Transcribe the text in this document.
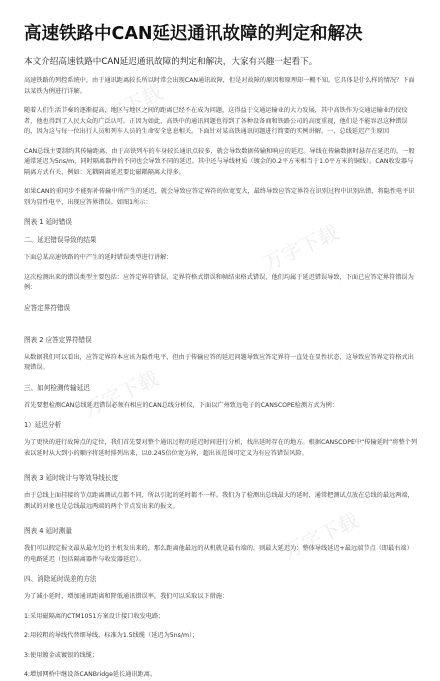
高速铁路中CAN延迟通讯故障的判定和解决
本文介绍高速铁路中CAN延迟通讯故障的判定和解决，大家有兴趣一起看下。
高速铁路的列控系统中，由于通讯距离较长所以时常会出现CAN通讯故障，但是对故障的原因和原理却一概不知。它具体是什么样的情况？下面以某铁为例进行详解。
随着人们生活节奏的逐渐提高，地区与地区之间的距离已经不在成为问题，这得益于交通运输业的大力发展，其中高铁作为交通运输业的佼佼者，他也得到了人民大众的广泛认可。正因为如此，高铁中的通讯问题也得到了各种设备商和铁路公司的高度重视，他们是不能容忍这种错误的，因为这与每一位出行人员和列车人员的生命安全息息相关。下面针对某高铁通讯问题进行简要的实例讲解。一、总线延迟产生原因
CAN总线主要制约其传输距离，由于高铁列车的车身较长通讯点较多，就会导致数据传输和响应的延迟。导线在传输数据时悬存在延迟的，一般通常延迟为5ns/m，同时隔离器件的不同也会导致不同的延迟。其中还与导线材质（镀金的0.2平方米相当于1.0平方米的铜线）。CAN收发器与隔离方式有关，例如：光耦隔离延迟要比磁耦隔离大得多。
如果CAN的重同步不能弥补传输中所产生的延迟，就会导致应答定界符的位宽变大，最终导致应答定界符在识别过程中识别出错，将隐性电平识别为显性电平，出现应答界错误。如图1所示：
图表 1 延时错误
二、延迟错误导致的结果
下面总某高速铁路的中产生的延时错误类型进行讲解：
这次检测出来的错误类型主要包括：应答定界符错误、定界符格式错误和帧结束格式错误，他们均属于延迟错误导致，下面已应答定界符错误为例：
应答定界符错误
图表 2 应答定界符错误
从数据我们可以看出，应答定界符本应该为隐性电平，但由于传输应答的延迟问题导致应答定界符一直处在显性状态，这导致应答界定符格式出现错误。
三、如何检测传输延迟
首先要想检测CAN总线延迟错误必须有相应的CAN总线分析仪，下面以广州致远电子的CANSCOPE检测方式为例：
1）延迟分析
为了更快的进行故障点的定位，我们首先要对整个通讯过程的延迟时间进行分析，找出延时存在的地方。根据CANSCOPE中“传输延时”将整个列表以延时从大到小的顺序将延时排列出来，以0.245倍位宽为界，超出该范围可定义为有应答错误风险。
图表 3 延时统计与等效导线长度
由于总线上面挂接的节点距离测试点都不同，所以引起的延时都不一样。我们为了检测出总线最大的延时，通常把测试点放在总线的最远两端，测试的对象也是总线最远两端的两个节点发出来的报文。
图表 4 延时测量
我们可以假定报文最从最左边的主机发出来的，那么距离他最远的从机就是最右端的，则最大延迟为：整体导线延迟+最远端节点（即最右端）的电路延迟（包括隔离器件与收发器延迟）。
四、消除延时误差的方法
为了减小延时，增加通讯距离和降低通讯错误率，我们可以采取以下措施：
1:采用磁隔离的CTM1051方案设计接口收发电路；
2:用较粗的导线代替细导线，标准为1.5线缆（延迟为5ns/m）；
3:使用镀金或镀银的线缆；
4:增加网桥中继设备CANBridge延长通讯距离。
万字下载
万字下载
万字下载
万字下载
